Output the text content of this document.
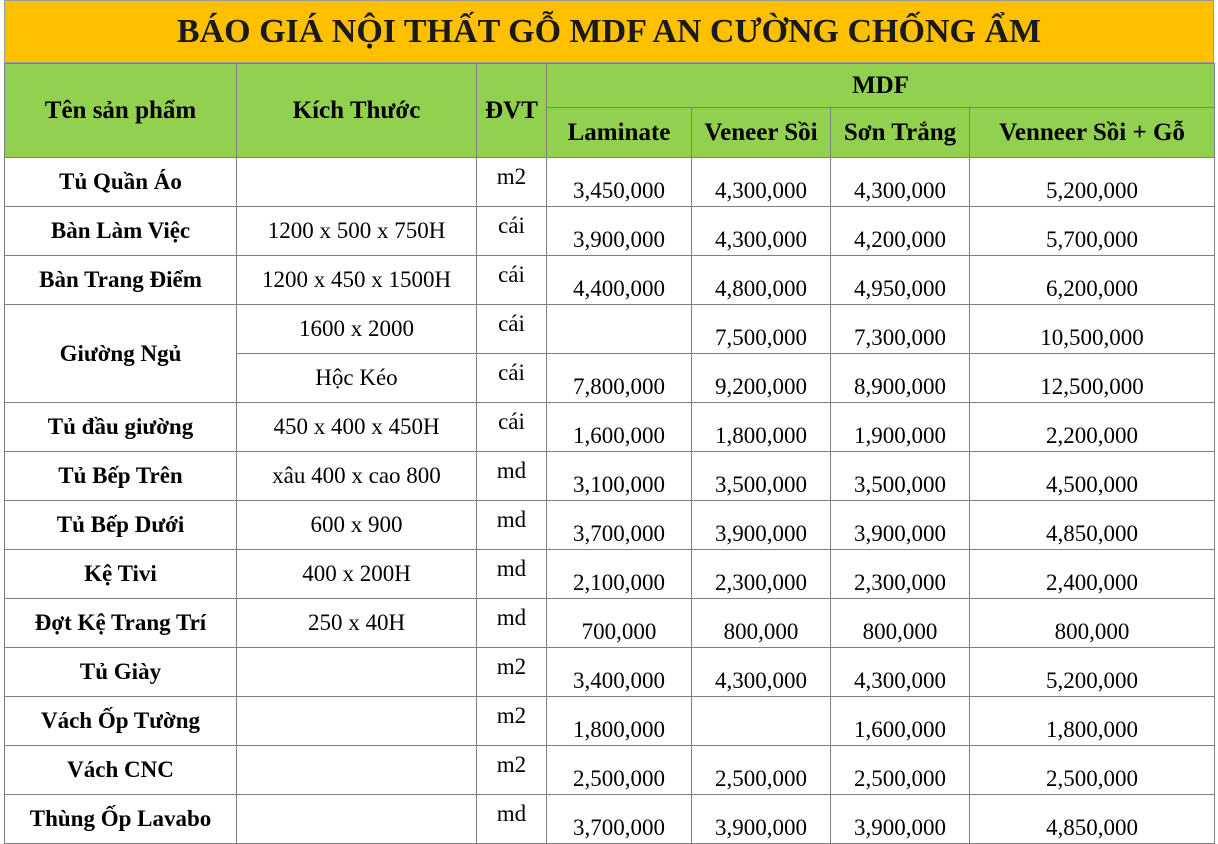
BÁO GIÁ NỘI THẤT GỖ MDF AN CƯỜNG CHỐNG ẨM
Tên sản phẩm	Kích Thước	ĐVT	MDF			
			Laminate	Veneer Sồi	Sơn Trắng	Venneer Sồi + Gỗ
Tủ Quần Áo		m2	3,450,000	4,300,000	4,300,000	5,200,000
Bàn Làm Việc	1200 x 500 x 750H	cái	3,900,000	4,300,000	4,200,000	5,700,000
Bàn Trang Điểm	1200 x 450 x 1500H	cái	4,400,000	4,800,000	4,950,000	6,200,000
Giường Ngủ	1600 x 2000	cái		7,500,000	7,300,000	10,500,000
	Hộc Kéo	cái	7,800,000	9,200,000	8,900,000	12,500,000
Tủ đầu giường	450 x 400 x 450H	cái	1,600,000	1,800,000	1,900,000	2,200,000
Tủ Bếp Trên	xâu 400 x cao 800	md	3,100,000	3,500,000	3,500,000	4,500,000
Tủ Bếp Dưới	600 x 900	md	3,700,000	3,900,000	3,900,000	4,850,000
Kệ Tivi	400 x 200H	md	2,100,000	2,300,000	2,300,000	2,400,000
Đợt Kệ Trang Trí	250 x 40H	md	700,000	800,000	800,000	800,000
Tủ Giày		m2	3,400,000	4,300,000	4,300,000	5,200,000
Vách Ốp Tường		m2	1,800,000		1,600,000	1,800,000
Vách CNC		m2	2,500,000	2,500,000	2,500,000	2,500,000
Thùng Ốp Lavabo		md	3,700,000	3,900,000	3,900,000	4,850,000
